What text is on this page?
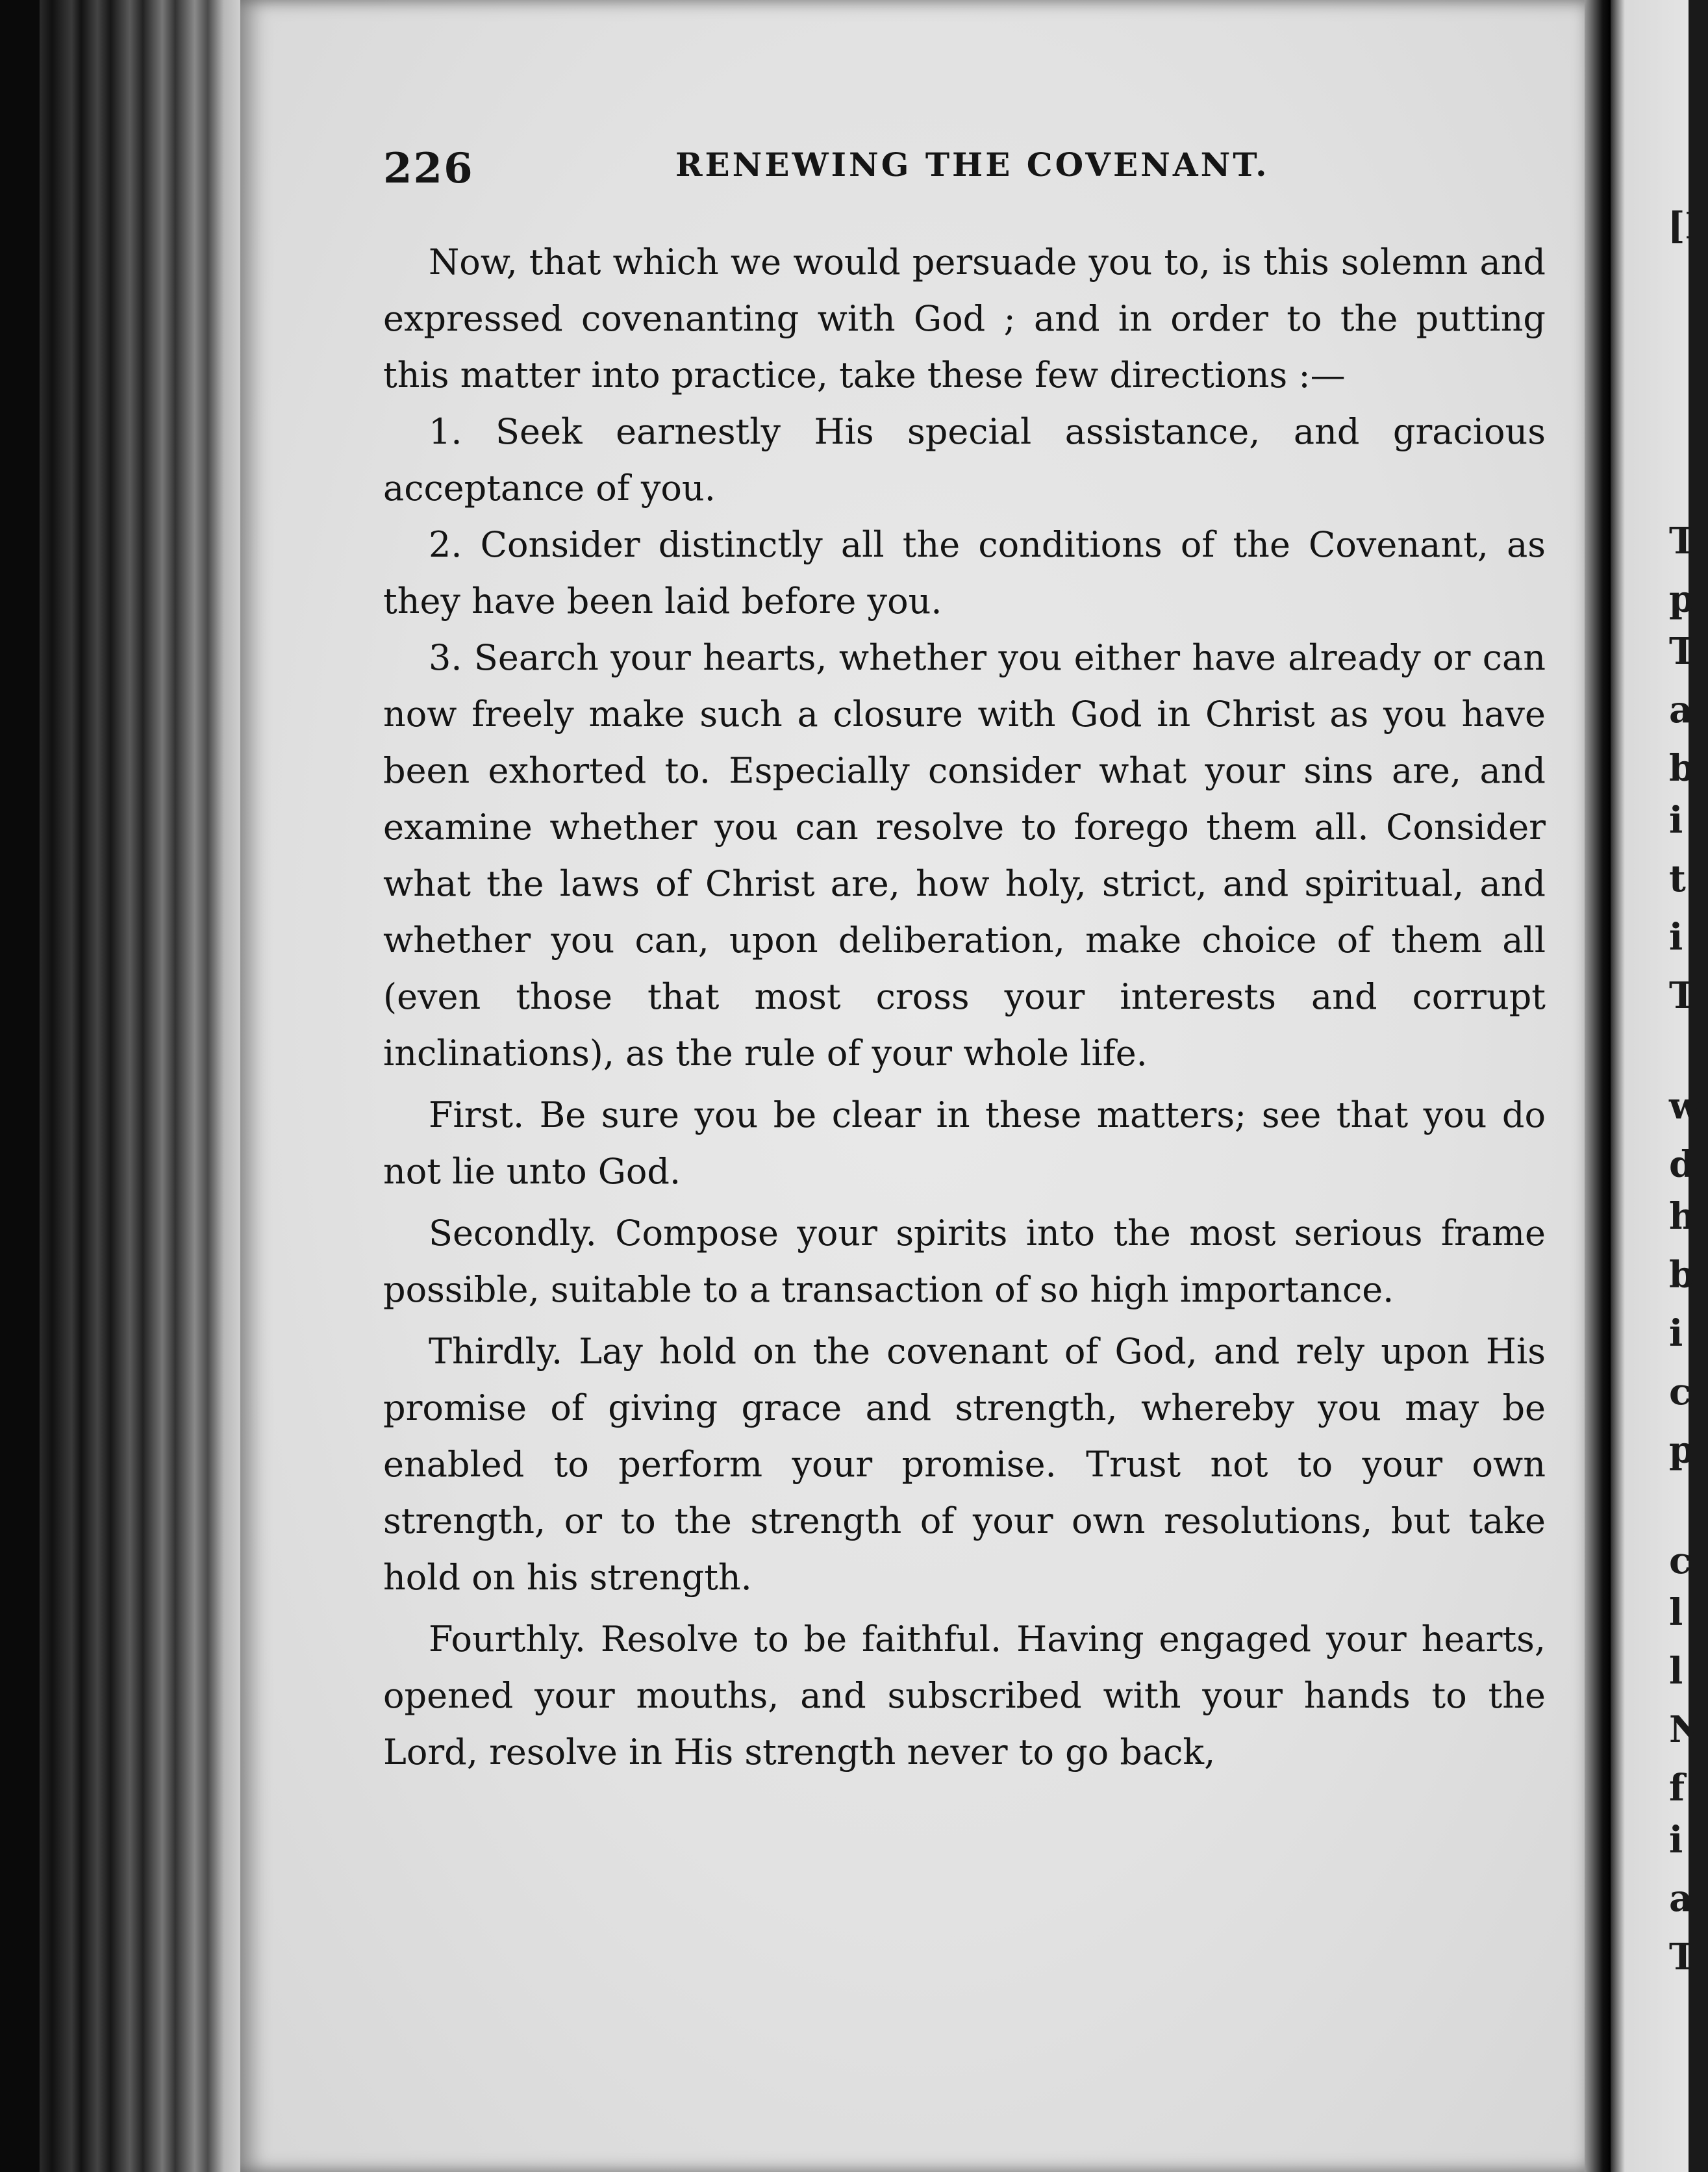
[I
T
p
T
a
b
i
t
i
T
w
d
h
b
i
c
p
c
l
l
N
f
i
a
T
226	RENEWING THE COVENANT.

Now, that which we would persuade you to, is this solemn and expressed covenanting with God ; and in order to the putting this matter into practice, take these few directions :—

1. Seek earnestly His special assistance, and gracious acceptance of you.

2. Consider distinctly all the conditions of the Covenant, as they have been laid before you.

3. Search your hearts, whether you either have already or can now freely make such a closure with God in Christ as you have been exhorted to. Especially consider what your sins are, and examine whether you can resolve to forego them all. Consider what the laws of Christ are, how holy, strict, and spiritual, and whether you can, upon deliberation, make choice of them all (even those that most cross your interests and corrupt inclinations), as the rule of your whole life.

First. Be sure you be clear in these matters; see that you do not lie unto God.

Secondly. Compose your spirits into the most serious frame possible, suitable to a transaction of so high importance.

Thirdly. Lay hold on the covenant of God, and rely upon His promise of giving grace and strength, whereby you may be enabled to perform your promise. Trust not to your own strength, or to the strength of your own resolutions, but take hold on his strength.

Fourthly. Resolve to be faithful. Having engaged your hearts, opened your mouths, and subscribed with your hands to the Lord, resolve in His strength never to go back,
